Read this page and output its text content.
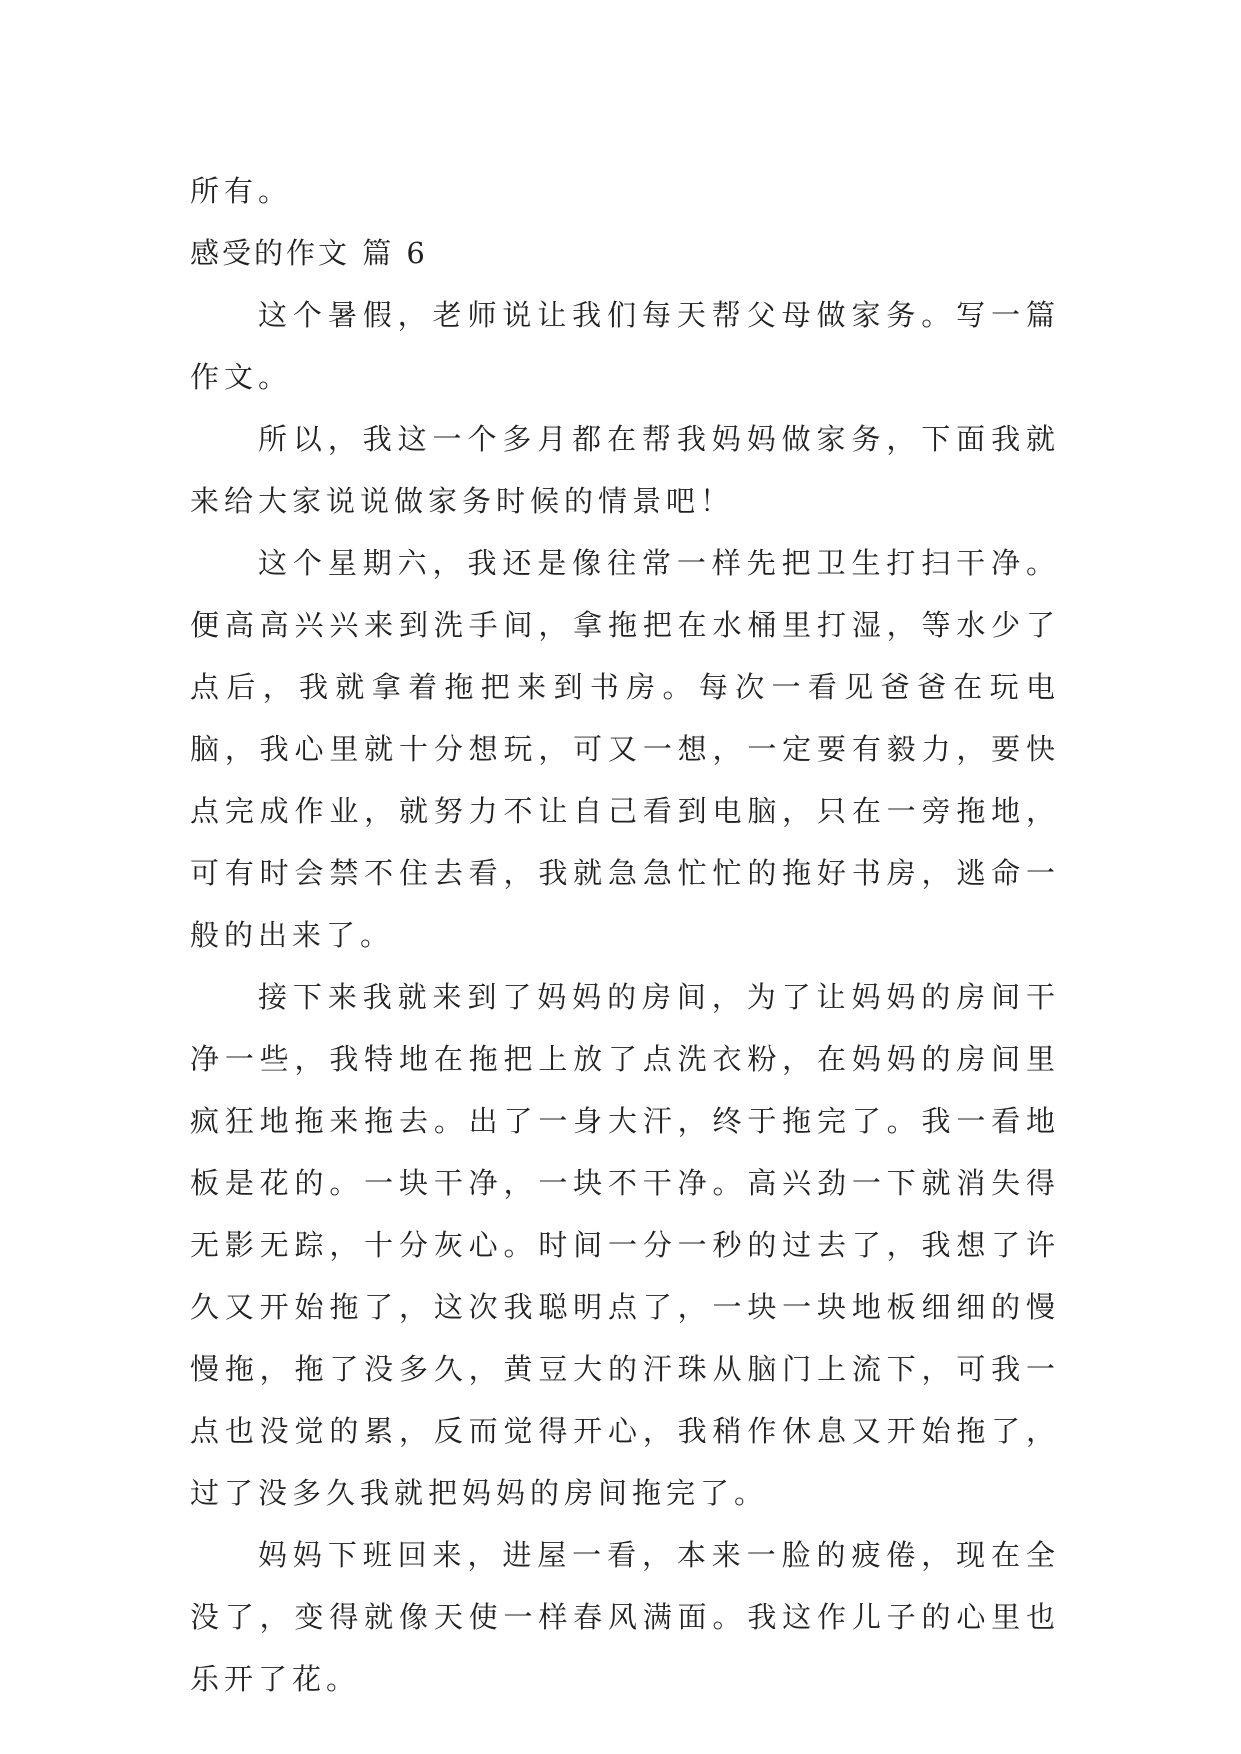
所有。

感受的作文 篇 6

这个暑假，老师说让我们每天帮父母做家务。写一篇作文。

所以，我这一个多月都在帮我妈妈做家务，下面我就来给大家说说做家务时候的情景吧！

这个星期六，我还是像往常一样先把卫生打扫干净。便高高兴兴来到洗手间，拿拖把在水桶里打湿，等水少了点后，我就拿着拖把来到书房。每次一看见爸爸在玩电脑，我心里就十分想玩，可又一想，一定要有毅力，要快点完成作业，就努力不让自己看到电脑，只在一旁拖地，可有时会禁不住去看，我就急急忙忙的拖好书房，逃命一般的出来了。

接下来我就来到了妈妈的房间，为了让妈妈的房间干净一些，我特地在拖把上放了点洗衣粉，在妈妈的房间里疯狂地拖来拖去。出了一身大汗，终于拖完了。我一看地板是花的。一块干净，一块不干净。高兴劲一下就消失得无影无踪，十分灰心。时间一分一秒的过去了，我想了许久又开始拖了，这次我聪明点了，一块一块地板细细的慢慢拖，拖了没多久，黄豆大的汗珠从脑门上流下，可我一点也没觉的累，反而觉得开心，我稍作休息又开始拖了，过了没多久我就把妈妈的房间拖完了。

妈妈下班回来，进屋一看，本来一脸的疲倦，现在全没了，变得就像天使一样春风满面。我这作儿子的心里也乐开了花。
